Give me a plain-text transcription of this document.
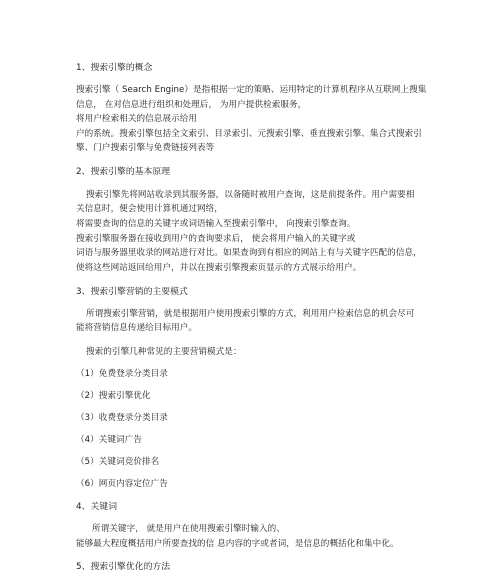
1、搜索引擎的概念
搜索引擎（ Search Engine）是指根据一定的策略、运用特定的计算机程序从互联网上搜集
信息， 在对信息进行组织和处理后， 为用户提供检索服务，
将用户检索相关的信息展示给用
户的系统。搜索引擎包括全文索引、目录索引、元搜索引擎、垂直搜索引擎、集合式搜索引
擎、门户搜索引擎与免费链接列表等
2、搜索引擎的基本原理
搜索引擎先将网站收录到其服务器，以备随时被用户查询，这是前提条件。用户需要相
关信息时，便会使用计算机通过网络，
将需要查询的信息的关键字或词语输入至搜索引擎中， 向搜索引擎查询。
搜索引擎服务器在接收到用户的查询要求后， 使会将用户输入的关键字或
词语与服务器里收录的网站进行对比。如果查询到有相应的网站上有与关键字匹配的信息，
使将这些网站返回给用户，并以在搜索引擎搜索页显示的方式展示给用户。
3、搜索引擎营销的主要模式
所谓搜索引擎营销，就是根据用户使用搜索引擎的方式，利用用户检索信息的机会尽可
能将营销信息传递给目标用户。
搜索的引擎几种常见的主要营销模式是：
（1）免费登录分类目录
（2）搜索引擎优化
（3）收费登录分类目录
（4）关键词广告
（5）关键词竞价排名
（6）网页内容定位广告
4、关键词
所谓关键字， 就是用户在使用搜索引擎时输入的、
能够最大程度概括用户所要查找的信 息内容的字或者词，是信息的概括化和集中化。
5、搜索引擎优化的方法
